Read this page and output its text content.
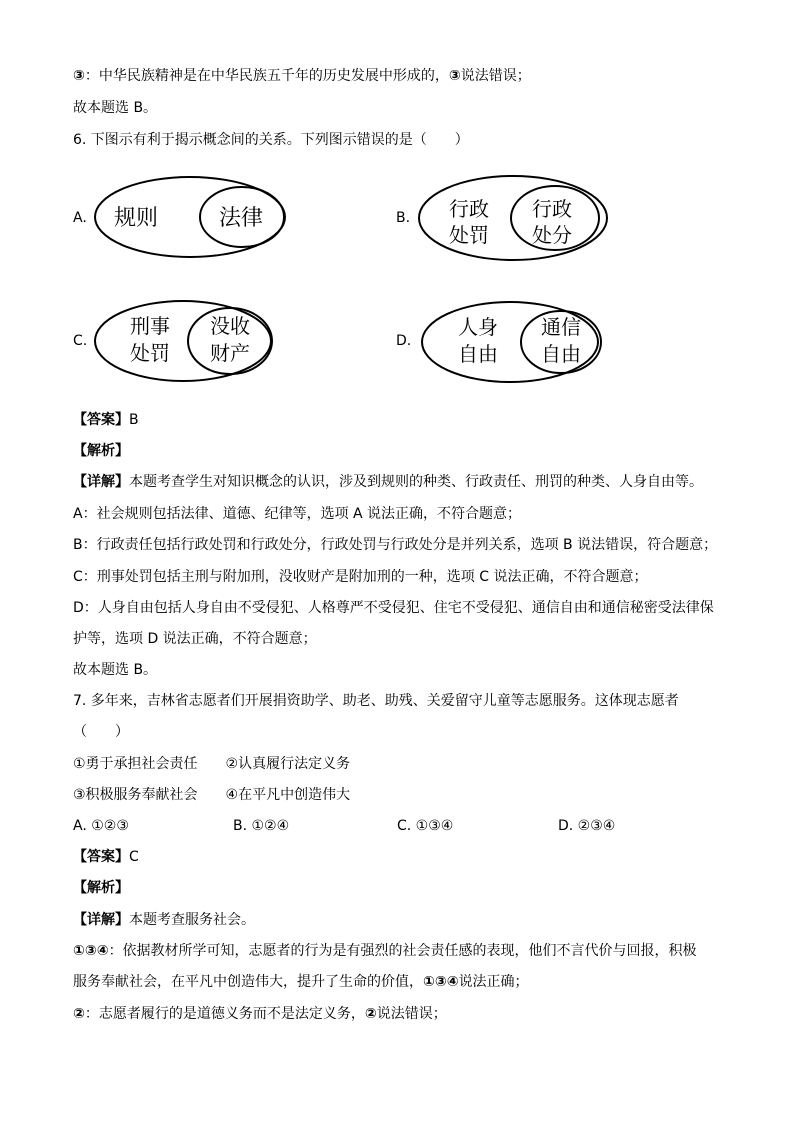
③：中华民族精神是在中华民族五千年的历史发展中形成的，③说法错误；
故本题选 B。
6. 下图示有利于揭示概念间的关系。下列图示错误的是（　　）
A. 规则	法律	B. 行政
处罚
行政
处分
C.
刑事
处罚
没收
财产	D.
人身
自由
通信
自由
【答案】B
【解析】
【详解】本题考查学生对知识概念的认识，涉及到规则的种类、行政责任、刑罚的种类、人身自由等。
A：社会规则包括法律、道德、纪律等，选项 A 说法正确，不符合题意；
B：行政责任包括行政处罚和行政处分，行政处罚与行政处分是并列关系，选项 B 说法错误，符合题意；
C：刑事处罚包括主刑与附加刑，没收财产是附加刑的一种，选项 C 说法正确，不符合题意；
D：人身自由包括人身自由不受侵犯、人格尊严不受侵犯、住宅不受侵犯、通信自由和通信秘密受法律保
护等，选项 D 说法正确，不符合题意；
故本题选 B。
7. 多年来，吉林省志愿者们开展捐资助学、助老、助残、关爱留守儿童等志愿服务。这体现志愿者
（　　）
①勇于承担社会责任　　②认真履行法定义务
③积极服务奉献社会　　④在平凡中创造伟大
A. ①②③	B. ①②④	C. ①③④	D. ②③④
【答案】C
【解析】
【详解】本题考查服务社会。
①③④：依据教材所学可知，志愿者的行为是有强烈的社会责任感的表现，他们不言代价与回报，积极
服务奉献社会，在平凡中创造伟大，提升了生命的价值，①③④说法正确；
②：志愿者履行的是道德义务而不是法定义务，②说法错误；
